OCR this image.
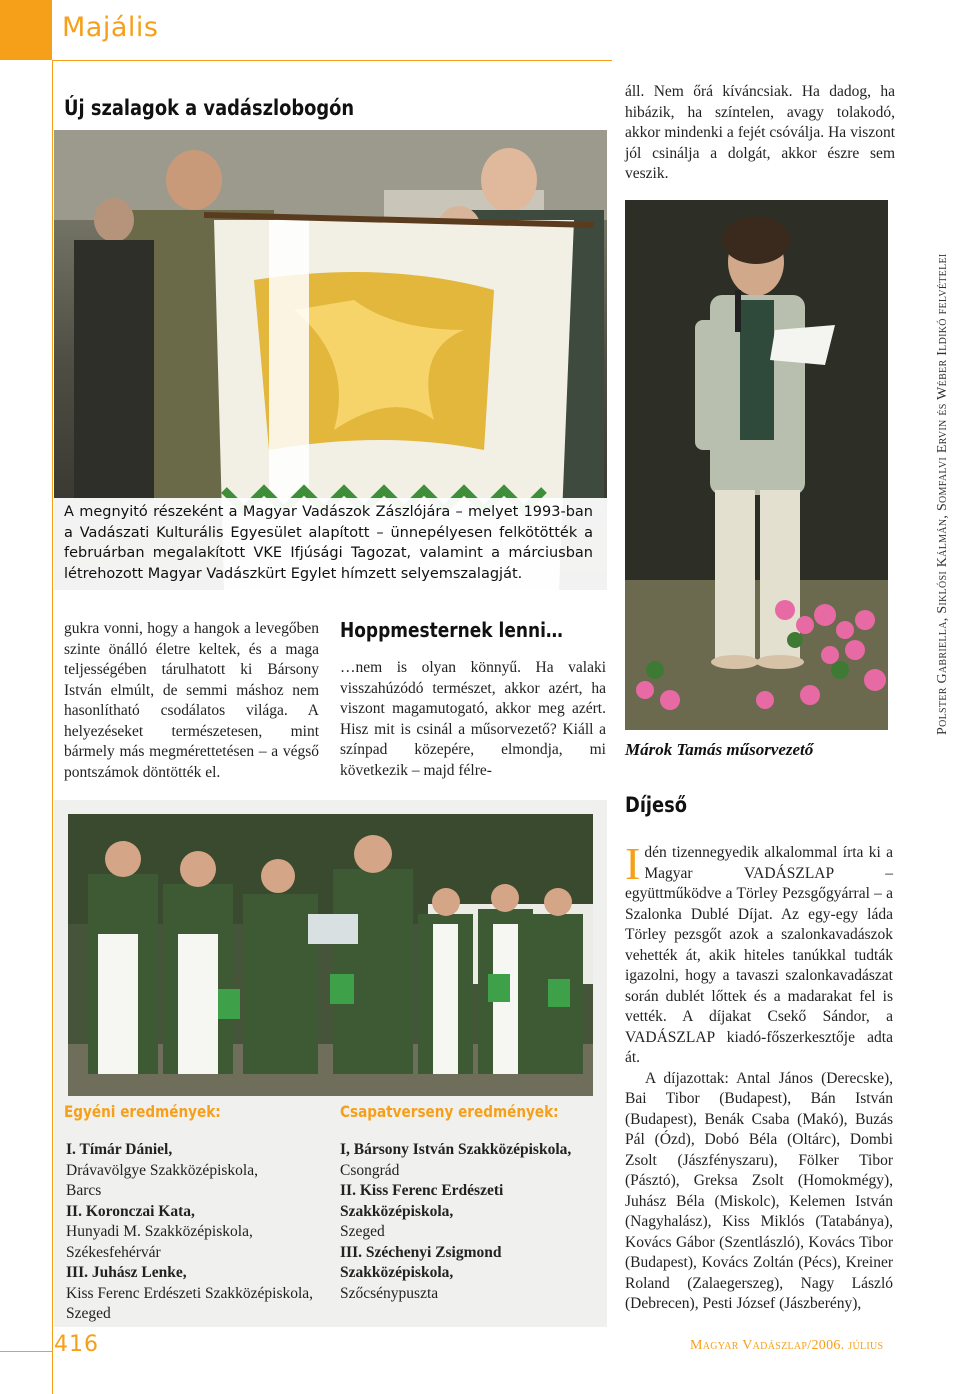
Majális
Új szalagok a vadászlobogón
A megnyitó részeként a Magyar Vadászok Zászlójára – melyet 1993-ban a Vadászati Kulturális Egyesület alapított – ünnepélyesen felkötötték a februárban megalakított VKE Ifjúsági Tagozat, valamint a márciusban létrehozott Magyar Vadászkürt Egylet hímzett selyemszalagját.
gukra vonni, hogy a hangok a levegőben szinte önálló életre keltek, és a maga teljességében tárulhatott ki Bársony István elmúlt, de semmi máshoz nem hasonlítható csodálatos világa. A helyezéseket természetesen, mint bármely más megmérettetésen – a végső pontszámok döntötték el.
Hoppmesternek lenni…
…nem is olyan könnyű. Ha valaki visszahúzódó természet, akkor azért, ha viszont magamutogató, akkor meg azért. Hisz mit is csinál a műsorvezető? Kiáll a színpad közepére, elmondja, mi következik – majd félre-
áll. Nem őrá kíváncsiak. Ha dadog, ha hibázik, ha színtelen, avagy tolakodó, akkor mindenki a fejét csóválja. Ha viszont jól csinálja a dolgát, akkor észre sem veszik.
Márok Tamás műsorvezető
Polster Gabriella, Siklósi Kálmán, Somfalvi Ervin és Wéber Ildikó felvételei
Díjeső
Idén tizennegyedik alkalommal írta ki a Magyar VADÁSZLAP – együttműködve a Törley Pezsgőgyárral – a Szalonka Dublé Díjat. Az egy-egy láda Törley pezsgőt azok a szalonkavadászok vehették át, akik hiteles tanúkkal tudták igazolni, hogy a tavaszi szalonkavadászat során dublét lőttek és a madarakat fel is vették. A díjakat Csekő Sándor, a VADÁSZLAP kiadó-főszerkesztője adta át.
A díjazottak: Antal János (Derecske), Bai Tibor (Budapest), Bán István (Budapest), Benák Csaba (Makó), Buzás Pál (Ózd), Dobó Béla (Oltárc), Dombi Zsolt (Jászfényszaru), Fölker Tibor (Pásztó), Greksa Zsolt (Homokmégy), Juhász Béla (Miskolc), Kelemen István (Nagyhalász), Kiss Miklós (Tatabánya), Kovács Gábor (Szentlászló), Kovács Tibor (Budapest), Kovács Zoltán (Pécs), Kreiner Roland (Zalaegerszeg), Nagy László (Debrecen), Pesti József (Jászberény),
Egyéni eredmények:	Csapatverseny eredmények:
I. Tímár Dániel,
Drávavölgye Szakközépiskola,
Barcs
II. Koronczai Kata,
Hunyadi M. Szakközépiskola,
Székesfehérvár
III. Juhász Lenke,
Kiss Ferenc Erdészeti Szakközépiskola,
Szeged
I, Bársony István Szakközépiskola,
Csongrád
II. Kiss Ferenc Erdészeti Szakközépiskola,
Szeged
III. Széchenyi Zsigmond Szakközépiskola,
Szőcsénypuszta
416	Magyar Vadászlap/2006. július
